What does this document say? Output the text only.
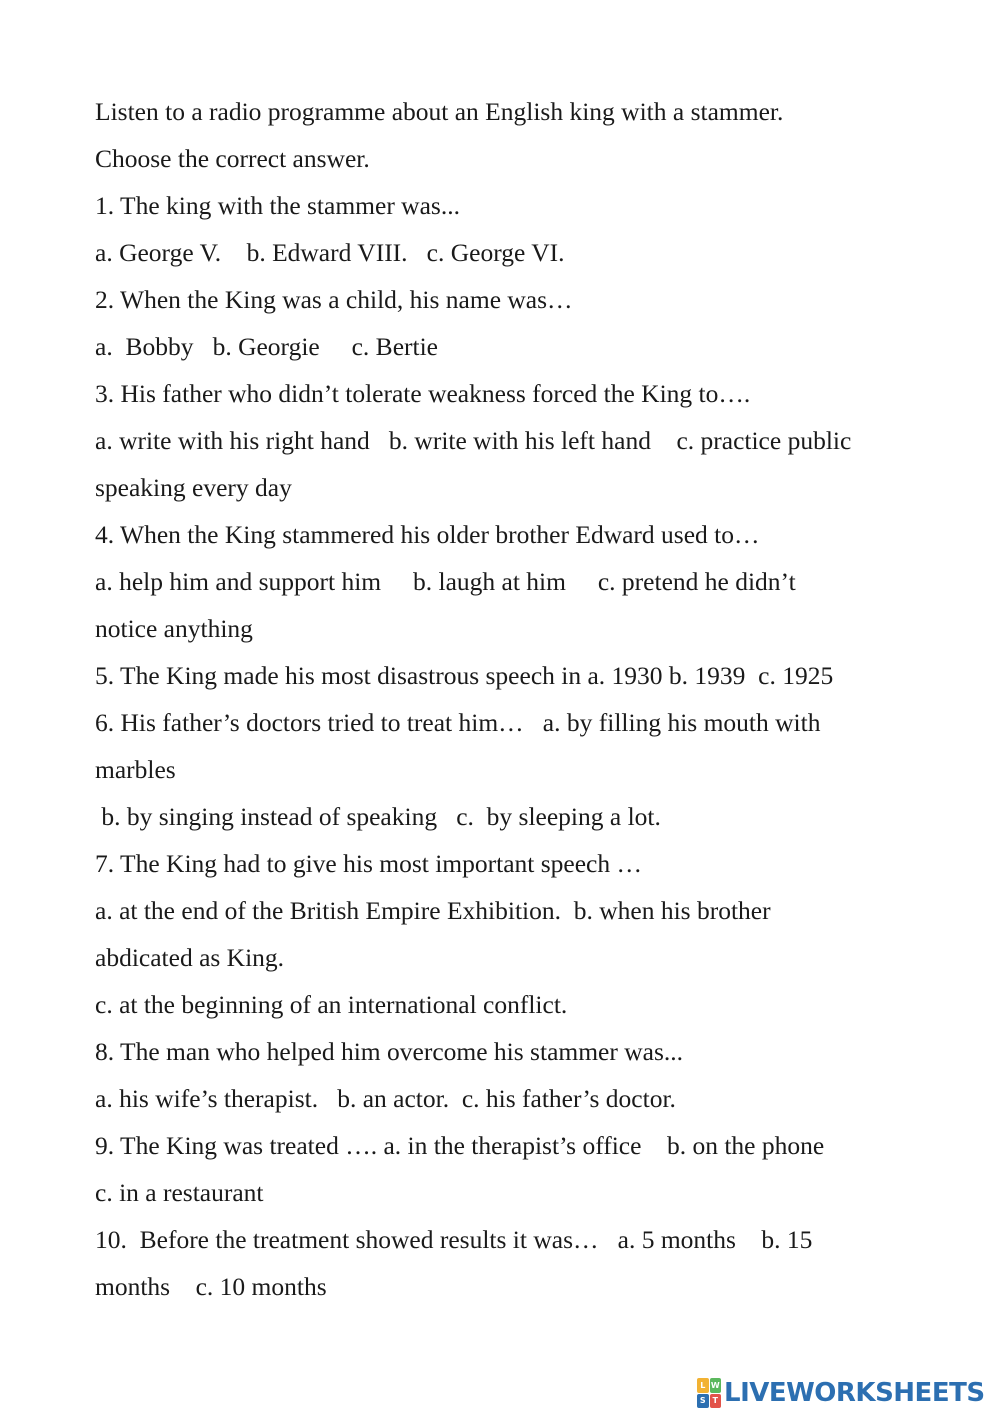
Listen to a radio programme about an English king with a stammer.
Choose the correct answer.
1. The king with the stammer was...
a. George V.    b. Edward VIII.   c. George VI.
2. When the King was a child, his name was…
a.  Bobby   b. Georgie     c. Bertie
3. His father who didn’t tolerate weakness forced the King to….
a. write with his right hand   b. write with his left hand    c. practice public
speaking every day
4. When the King stammered his older brother Edward used to…
a. help him and support him     b. laugh at him     c. pretend he didn’t
notice anything
5. The King made his most disastrous speech in a. 1930 b. 1939  c. 1925
6. His father’s doctors tried to treat him…   a. by filling his mouth with
marbles
b. by singing instead of speaking   c.  by sleeping a lot.
7. The King had to give his most important speech …
a. at the end of the British Empire Exhibition.  b. when his brother
abdicated as King.
c. at the beginning of an international conflict.
8. The man who helped him overcome his stammer was...
a. his wife’s therapist.   b. an actor.  c. his father’s doctor.
9. The King was treated …. a. in the therapist’s office    b. on the phone
c. in a restaurant
10.  Before the treatment showed results it was…   a. 5 months    b. 15
months    c. 10 months
L W
S T LIVEWORKSHEETS
